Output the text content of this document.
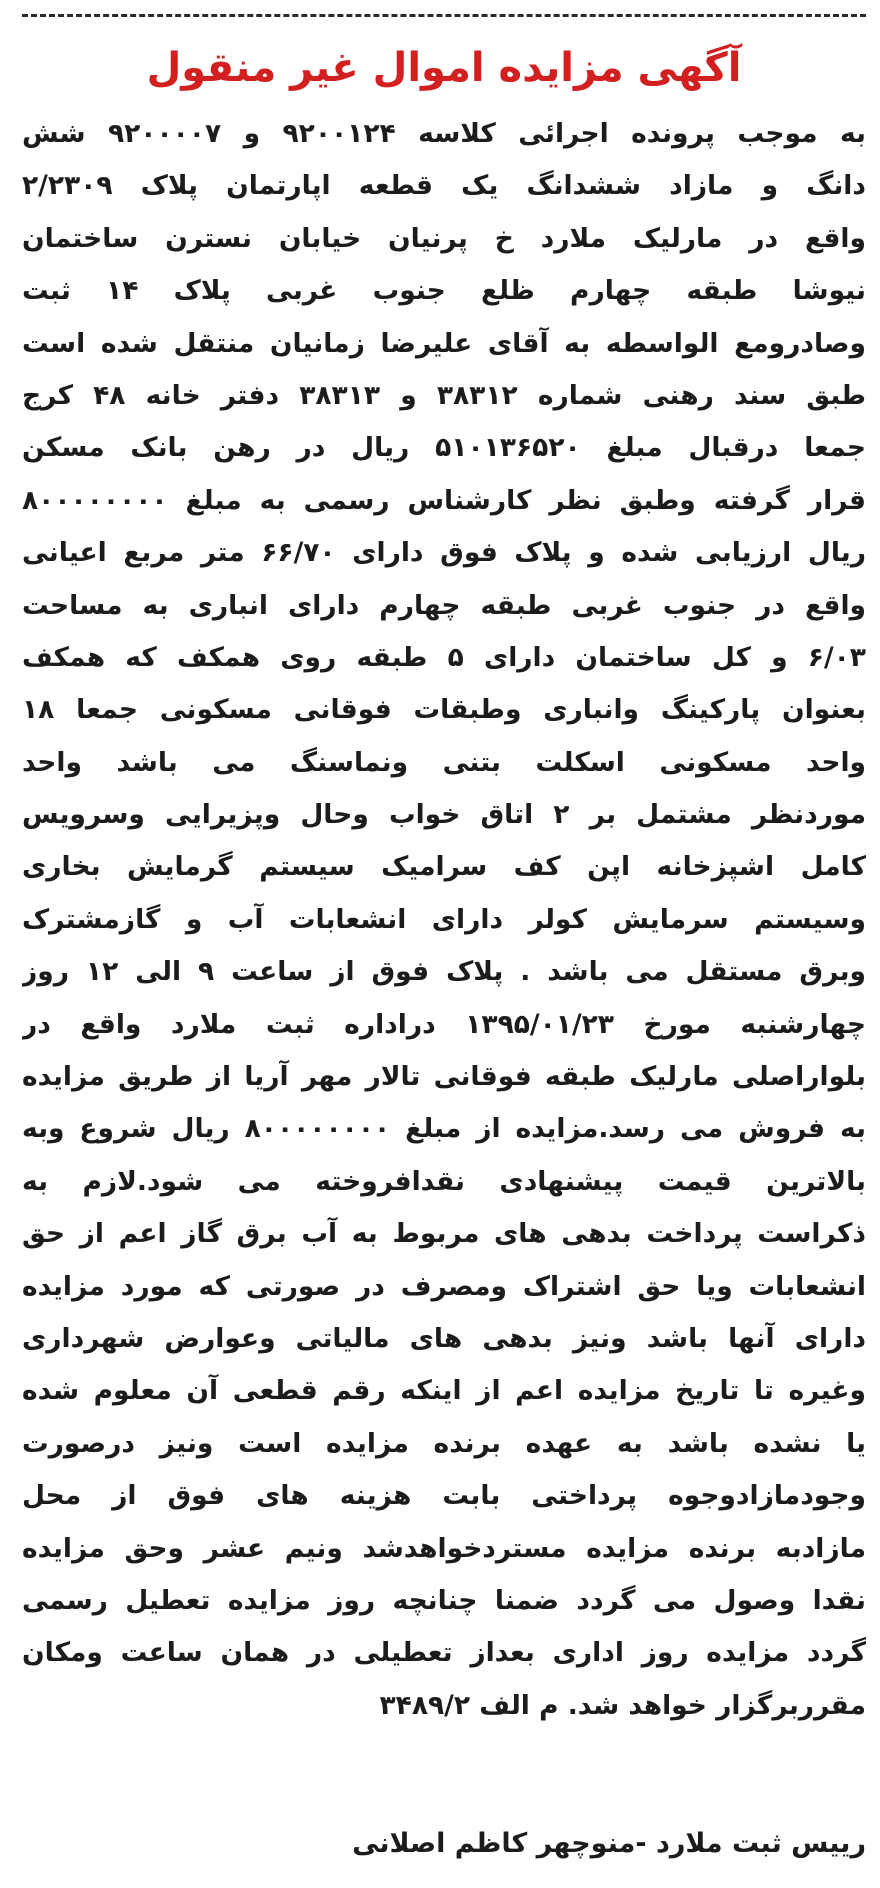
آگهی مزایده اموال غیر منقول
به موجب پرونده اجرائی کلاسه ۹۲۰۰۱۲۴ و ۹۲۰۰۰۰۷ شش
دانگ و مازاد ششدانگ یک قطعه اپارتمان پلاک ۲/۲۳۰۹
واقع در مارلیک ملارد خ پرنیان خیابان نسترن ساختمان
نیوشا طبقه چهارم ظلع جنوب غربی پلاک ۱۴ ثبت
وصادرومع الواسطه به آقای علیرضا زمانیان منتقل شده است
طبق سند رهنی شماره ۳۸۳۱۲ و ۳۸۳۱۳ دفتر خانه ۴۸ کرج
جمعا درقبال مبلغ ۵۱۰۱۳۶۵۲۰ ریال در رهن بانک مسکن
قرار گرفته وطبق نظر کارشناس رسمی به مبلغ ۸۰۰۰۰۰۰۰۰
ریال ارزیابی شده و پلاک فوق دارای ۶۶/۷۰ متر مربع اعیانی
واقع در جنوب غربی طبقه چهارم دارای انباری به مساحت
۶/۰۳ و کل ساختمان دارای ۵ طبقه روی همکف که همکف
بعنوان پارکینگ وانباری وطبقات فوقانی مسکونی جمعا ۱۸
واحد مسکونی اسکلت بتنی ونماسنگ می باشد واحد
موردنظر مشتمل بر ۲ اتاق خواب وحال وپزیرایی وسرویس
کامل اشپزخانه اپن کف سرامیک سیستم گرمایش بخاری
وسیستم سرمایش کولر دارای انشعابات آب و گازمشترک
وبرق مستقل می باشد . پلاک فوق از ساعت ۹ الی ۱۲ روز
چهارشنبه مورخ ۱۳۹۵/۰۱/۲۳ دراداره ثبت ملارد واقع در
بلواراصلی مارلیک طبقه فوقانی تالار مهر آریا از طریق مزایده
به فروش می رسد.مزایده از مبلغ ۸۰۰۰۰۰۰۰۰ ریال شروع وبه
بالاترین قیمت پیشنهادی نقدافروخته می شود.لازم به
ذکراست پرداخت بدهی های مربوط به آب برق گاز اعم از حق
انشعابات ویا حق اشتراک ومصرف در صورتی که مورد مزایده
دارای آنها باشد ونیز بدهی های مالیاتی وعوارض شهرداری
وغیره تا تاریخ مزایده اعم از اینکه رقم قطعی آن معلوم شده
یا نشده باشد به عهده برنده مزایده است ونیز درصورت
وجودمازادوجوه پرداختی بابت هزینه های فوق از محل
مازادبه برنده مزایده مستردخواهدشد ونیم عشر وحق مزایده
نقدا وصول می گردد ضمنا چنانچه روز مزایده تعطیل رسمی
گردد مزایده روز اداری بعداز تعطیلی در همان ساعت ومکان
مقرربرگزار خواهد شد. م الف ۳۴۸۹/۲
رییس ثبت ملارد -منوچهر کاظم اصلانی
